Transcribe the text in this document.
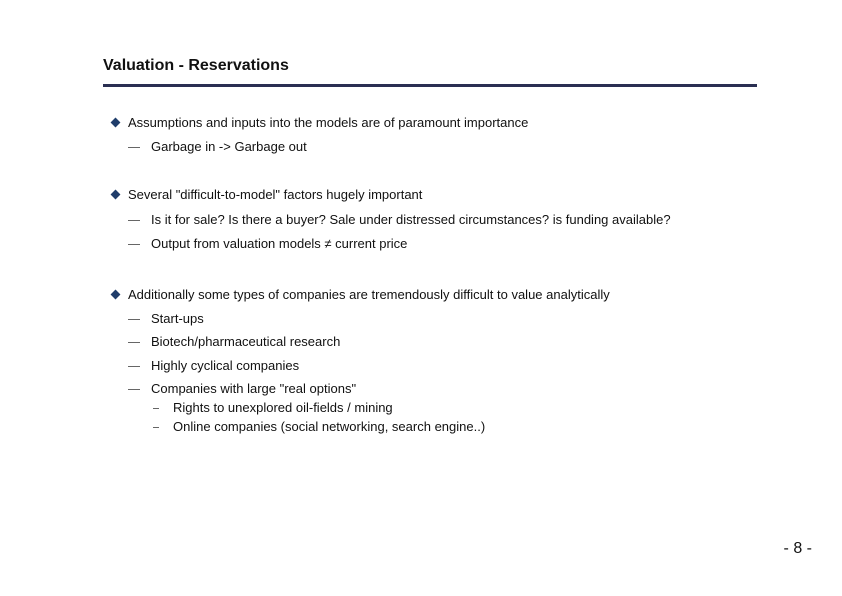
Valuation - Reservations
Assumptions and inputs into the models are of paramount importance
Garbage in -> Garbage out
Several "difficult-to-model" factors hugely important
Is it for sale? Is there a buyer? Sale under distressed circumstances? is funding available?
Output from valuation models ≠ current price
Additionally some types of companies are tremendously difficult to value analytically
Start-ups
Biotech/pharmaceutical research
Highly cyclical companies
Companies with large "real options"
Rights to unexplored oil-fields / mining
Online companies (social networking, search engine..)
- 8 -
